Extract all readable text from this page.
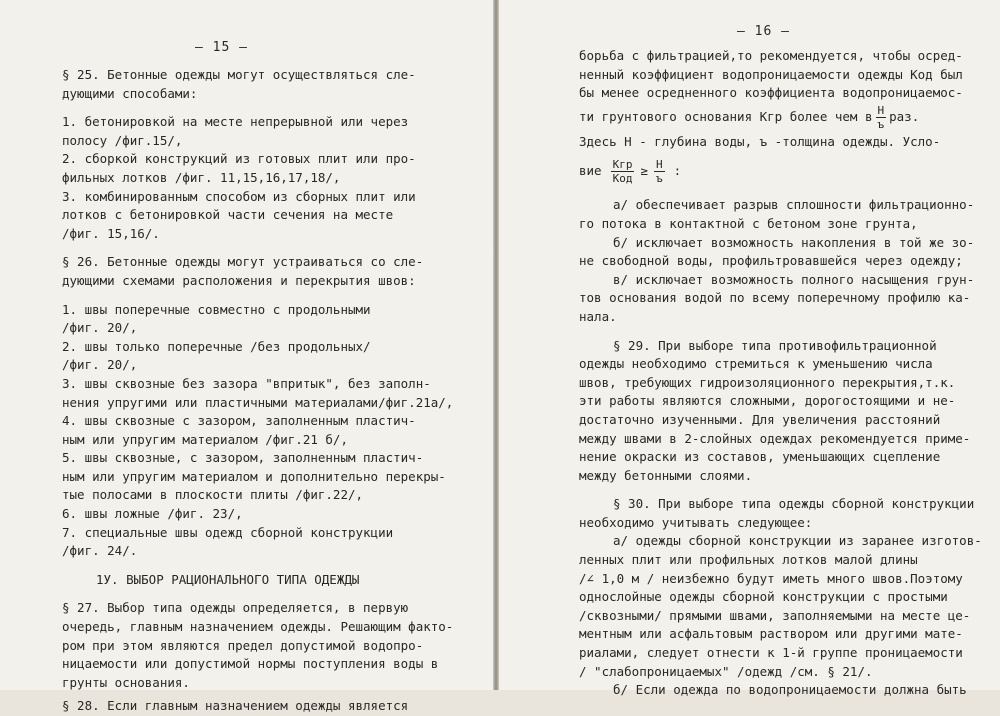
— 15 —

§ 25. Бетонные одежды могут осуществляться сле-

дующими способами:

1. бетонировкой на месте непрерывной или через

полосу /фиг.15/,

2. сборкой конструкций из готовых плит или про-

фильных лотков /фиг. 11,15,16,17,18/,

3. комбинированным способом из сборных плит или

лотков с бетонировкой части сечения на месте

/фиг. 15,16/.

§ 26. Бетонные одежды могут устраиваться со сле-

дующими схемами расположения и перекрытия швов:

1. швы поперечные совместно с продольными

/фиг. 20/,

2. швы только поперечные /без продольных/

/фиг. 20/,

3. швы сквозные без зазора "впритык", без заполн-

нения упругими или пластичными материалами/фиг.21а/,

4. швы сквозные с зазором, заполненным пластич-

ным или упругим материалом /фиг.21 б/,

5. швы сквозные, с зазором, заполненным пластич-

ным или упругим материалом и дополнительно перекры-

тые полосами в плоскости плиты /фиг.22/,

6. швы ложные /фиг. 23/,

7. специальные швы одежд сборной конструкции

/фиг. 24/.

1У. ВЫБОР РАЦИОНАЛЬНОГО ТИПА ОДЕЖДЫ

§ 27. Выбор типа одежды определяется, в первую

очередь, главным назначением одежды. Решающим факто-

ром при этом являются предел допустимой водопро-

ницаемости или допустимой нормы поступления воды в

грунты основания.

§ 28. Если главным назначением одежды является

— 16 —

борьба с фильтрацией,то рекомендуется, чтобы осред-

ненный коэффициент водопроницаемости одежды Kод был

бы менее осредненного коэффициента водопроницаемос-

ти грунтового основания Kгр более чем в $\frac{H}{ъ}$ раз.

Здесь H - глубина воды, ъ -толщина одежды. Усло-

вие $\frac{\text{Kгр}}{\text{Kод}} \ge \frac{H}{ъ}$ :

а/ обеспечивает разрыв сплошности фильтрационно-

го потока в контактной с бетоном зоне грунта,

б/ исключает возможность накопления в той же зо-

не свободной воды, профильтровавшейся через одежду;

в/ исключает возможность полного насыщения грун-

тов основания водой по всему поперечному профилю ка-

нала.

§ 29. При выборе типа противофильтрационной

одежды необходимо стремиться к уменьшению числа

швов, требующих гидроизоляционного перекрытия,т.к.

эти работы являются сложными, дорогостоящими и не-

достаточно изученными. Для увеличения расстояний

между швами в 2-слойных одеждах рекомендуется приме-

нение окраски из составов, уменьшающих сцепление

между бетонными слоями.

§ 30. При выборе типа одежды сборной конструкции

необходимо учитывать следующее:

а/ одежды сборной конструкции из заранее изготов-

ленных плит или профильных лотков малой длины

/∠ 1,0 м / неизбежно будут иметь много швов.Поэтому

однослойные одежды сборной конструкции с простыми

/сквозными/ прямыми швами, заполняемыми на месте це-

ментным или асфальтовым раствором или другими мате-

риалами, следует отнести к 1-й группе проницаемости

/ "слабопроницаемых" /одежд /см. § 21/.

б/ Если одежда по водопроницаемости должна быть
